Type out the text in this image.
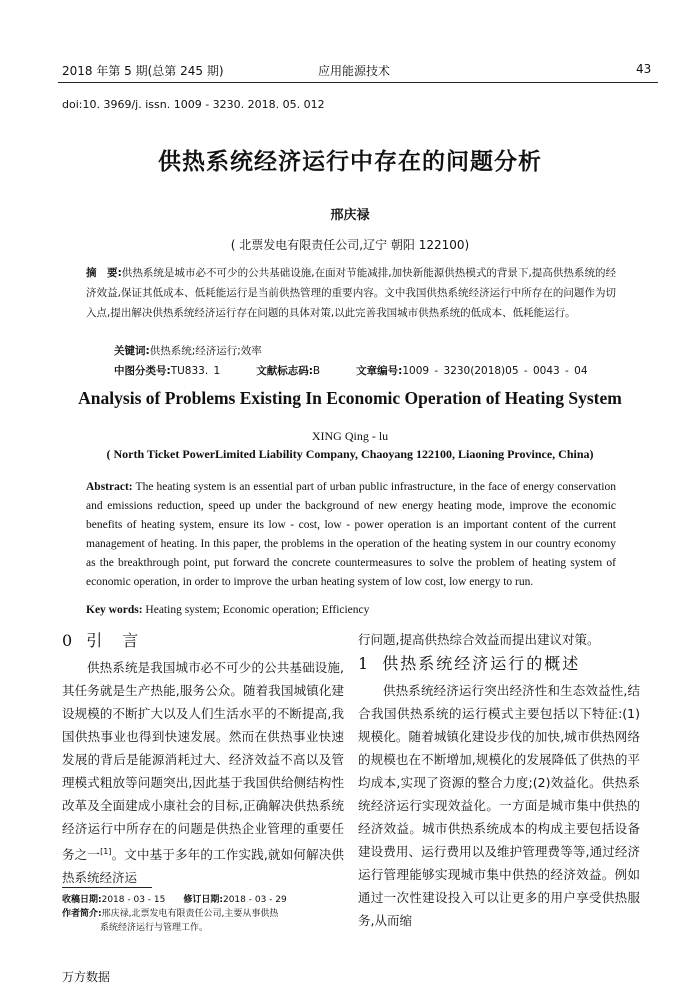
2018 年第 5 期(总第 245 期)	应用能源技术	43
doi:10. 3969/j. issn. 1009 - 3230. 2018. 05. 012
供热系统经济运行中存在的问题分析
邢庆禄
( 北票发电有限责任公司,辽宁 朝阳 122100)
摘　要:供热系统是城市必不可少的公共基础设施,在面对节能减排,加快新能源供热模式的背景下,提高供热系统的经济效益,保证其低成本、低耗能运行是当前供热管理的重要内容。文中我国供热系统经济运行中所存在的问题作为切入点,提出解决供热系统经济运行存在问题的具体对策,以此完善我国城市供热系统的低成本、低耗能运行。
关键词:供热系统;经济运行;效率
中图分类号:TU833. 1	文献标志码:B	文章编号:1009 - 3230(2018)05 - 0043 - 04
Analysis of Problems Existing In Economic Operation of Heating System
XING Qing - lu
( North Ticket PowerLimited Liability Company, Chaoyang 122100, Liaoning Province, China)
Abstract: The heating system is an essential part of urban public infrastructure, in the face of energy conservation and emissions reduction, speed up under the background of new energy heating mode, improve the economic benefits of heating system, ensure its low - cost, low - power operation is an important content of the current management of heating. In this paper, the problems in the operation of the heating system in our country economy as the breakthrough point, put forward the concrete countermeasures to solve the problem of heating system of economic operation, in order to improve the urban heating system of low cost, low energy to run.
Key words: Heating system; Economic operation; Efficiency
0 引　言

供热系统是我国城市必不可少的公共基础设施,其任务就是生产热能,服务公众。随着我国城镇化建设规模的不断扩大以及人们生活水平的不断提高,我国供热事业也得到快速发展。然而在供热事业快速发展的背后是能源消耗过大、经济效益不高以及管理模式粗放等问题突出,因此基于我国供给侧结构性改革及全面建成小康社会的目标,正确解决供热系统经济运行中所存在的问题是供热企业管理的重要任务之一[1]。文中基于多年的工作实践,就如何解决供热系统经济运

收稿日期:2018 - 03 - 15　　 修订日期:2018 - 03 - 29
作者简介:邢庆禄,北票发电有限责任公司,主要从事供热
系统经济运行与管理工作。

行问题,提高供热综合效益而提出建议对策。

1 供热系统经济运行的概述

供热系统经济运行突出经济性和生态效益性,结合我国供热系统的运行模式主要包括以下特征:(1)规模化。随着城镇化建设步伐的加快,城市供热网络的规模也在不断增加,规模化的发展降低了供热的平均成本,实现了资源的整合力度;(2)效益化。供热系统经济运行实现效益化。一方面是城市集中供热的经济效益。城市供热系统成本的构成主要包括设备建设费用、运行费用以及维护管理费等等,通过经济运行管理能够实现城市集中供热的经济效益。例如通过一次性建设投入可以让更多的用户享受供热服务,从而缩

万方数据
